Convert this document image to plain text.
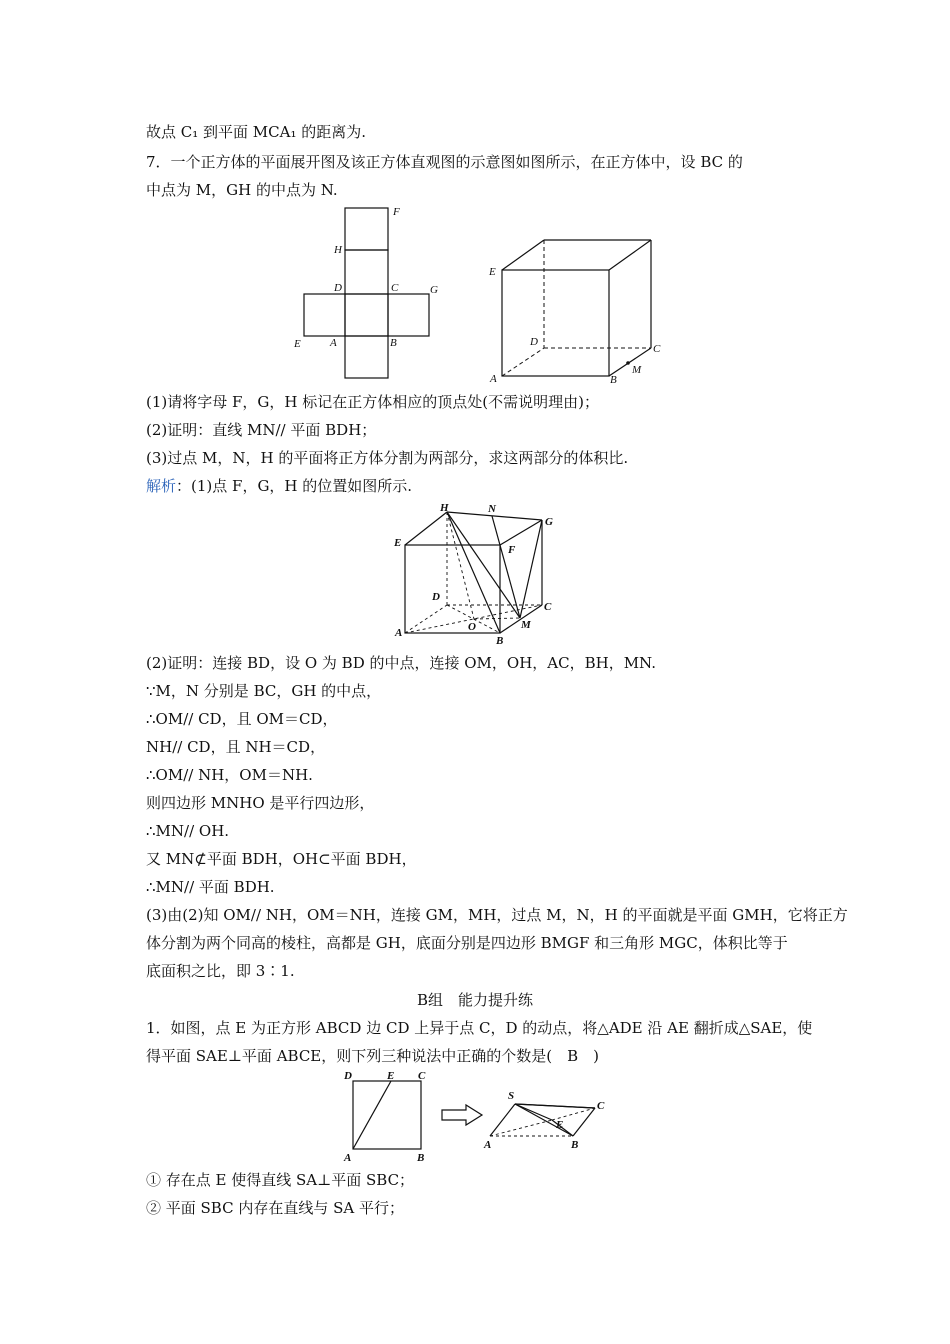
故点 C₁ 到平面 MCA₁ 的距离为.
7．一个正方体的平面展开图及该正方体直观图的示意图如图所示，在正方体中，设 BC 的
中点为 M，GH 的中点为 N.
F
H
D	C	G
E	A	B
E
D
C
A	B
M
(1)请将字母 F，G，H 标记在正方体相应的顶点处(不需说明理由)；
(2)证明：直线 MN// 平面 BDH；
(3)过点 M，N，H 的平面将正方体分割为两部分，求这两部分的体积比.
解析：(1)点 F，G，H 的位置如图所示.
H	N
G
E
F
D
C
A	O	M
B
(2)证明：连接 BD，设 O 为 BD 的中点，连接 OM，OH，AC，BH，MN.
∵M，N 分别是 BC，GH 的中点，
∴OM// CD，且 OM＝CD，
NH// CD，且 NH＝CD，
∴OM// NH，OM＝NH.
则四边形 MNHO 是平行四边形，
∴MN// OH.
又 MN⊄平面 BDH，OH⊂平面 BDH，
∴MN// 平面 BDH.
(3)由(2)知 OM// NH，OM＝NH，连接 GM，MH，过点 M，N，H 的平面就是平面 GMH，它将正方
体分割为两个同高的棱柱，高都是 GH，底面分别是四边形 BMGF 和三角形 MGC，体积比等于
底面积之比，即 3∶1.
B组　能力提升练
1．如图，点 E 为正方形 ABCD 边 CD 上异于点 C，D 的动点，将△ADE 沿 AE 翻折成△SAE，使
得平面 SAE⊥平面 ABCE，则下列三种说法中正确的个数是(　B　)
D	E C
A	B
S
E
C
A	B
① 存在点 E 使得直线 SA⊥平面 SBC；
② 平面 SBC 内存在直线与 SA 平行；
